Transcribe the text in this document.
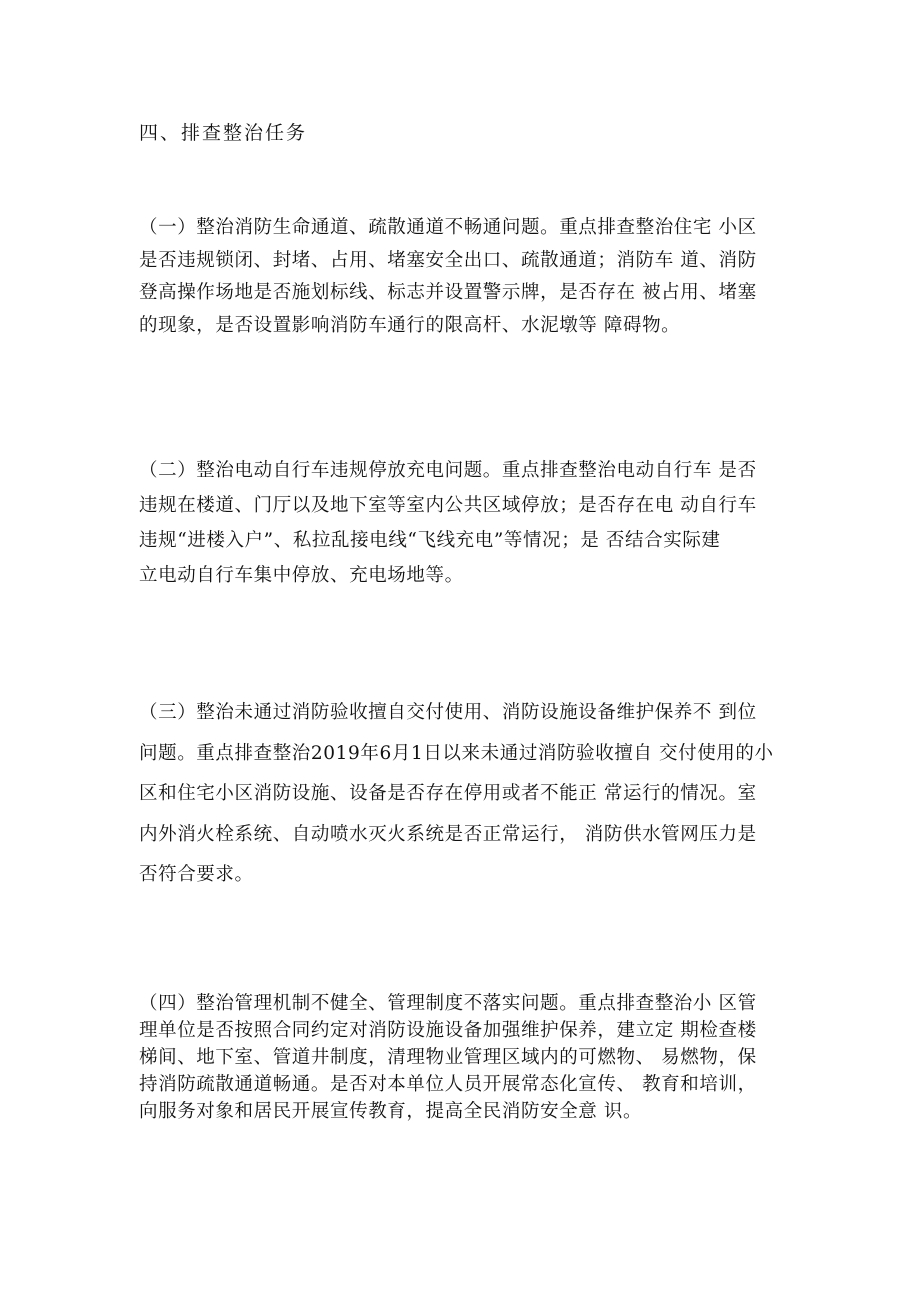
四、排查整治任务

（一）整治消防生命通道、疏散通道不畅通问题。重点排查整治住宅 小区
是否违规锁闭、封堵、占用、堵塞安全出口、疏散通道；消防车 道、消防
登高操作场地是否施划标线、标志并设置警示牌，是否存在 被占用、堵塞
的现象，是否设置影响消防车通行的限高杆、水泥墩等 障碍物。

（二）整治电动自行车违规停放充电问题。重点排查整治电动自行车 是否
违规在楼道、门厅以及地下室等室内公共区域停放；是否存在电 动自行车
违规“进楼入户”、私拉乱接电线“飞线充电”等情况；是 否结合实际建
立电动自行车集中停放、充电场地等。

（三）整治未通过消防验收擅自交付使用、消防设施设备维护保养不 到位
问题。重点排查整治2019年6月1日以来未通过消防验收擅自 交付使用的小
区和住宅小区消防设施、设备是否存在停用或者不能正 常运行的情况。室
内外消火栓系统、自动喷水灭火系统是否正常运行， 消防供水管网压力是
否符合要求。

（四）整治管理机制不健全、管理制度不落实问题。重点排查整治小 区管
理单位是否按照合同约定对消防设施设备加强维护保养，建立定 期检查楼
梯间、地下室、管道井制度，清理物业管理区域内的可燃物、 易燃物，保
持消防疏散通道畅通。是否对本单位人员开展常态化宣传、 教育和培训，
向服务对象和居民开展宣传教育，提高全民消防安全意 识。
